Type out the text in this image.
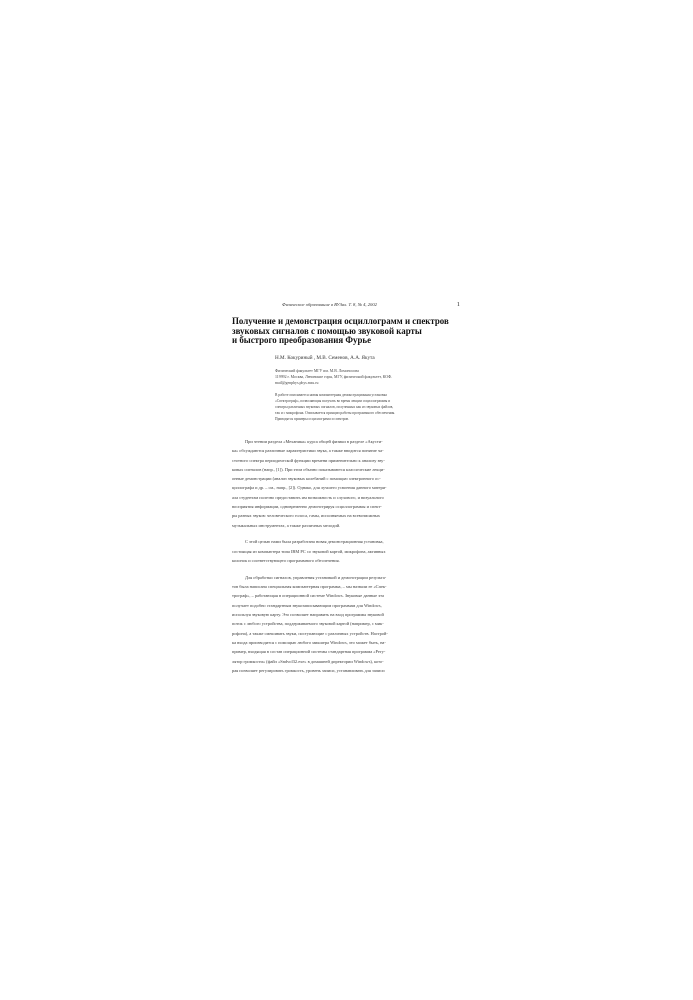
Физическое образование в ВУЗах. Т. 8, № 4, 2002	1
Получение и демонстрация осциллограмм и спектров
звуковых сигналов с помощью звуковой карты
и быстрого преобразования Фурье
Н.М. Кокуриный , М.В. Семенов, А.А. Якута
Физический факультет МГУ им. М.В. Ломоносова
119992 г. Москва, Ленинские горы, МГУ, физический факультет, КОФ.
mail@genphys.phys.msu.ru
В работе описывается новая компьютерная демонстрационная установка
«Спектрограф», позволяющая получать во время лекции осциллограммы и
спектры различных звуковых сигналов, полученных как из звуковых файлов,
так и с микрофона. Описывается принцип работы программного обеспечения.
Приводятся примеры осциллограмм и спектров.

При чтении раздела «Механика» курса общей физики в разделе «Акусти-
ка» обсуждаются различные характеристики звука, а также вводится понятие ча-
стотного спектра периодической функции времени применительно к анализу зву-
ковых сигналов (напр., [1]). При этом обычно показываются классические лекци-
онные демонстрации (анализ звуковых колебаний с помощью электронного ос-
циллографа и др. – см., напр., [2]). Однако, для лучшего усвоения данного матери-
ала студентам полезно предоставить им возможность и слухового, и визуального
восприятия информации, одновременно демонстрируя осциллограммы и спект-
ры разных звуков: человеческого голоса, гамы, исполняемых на всевозможных
музыкальных инструментах, а также различных мелодий.

С этой целью нами была разработана новая демонстрационная установка,
состоящая из компьютера типа IBM PC со звуковой картой, микрофона, активных
колонок и соответствующего программного обеспечения.

Для обработки сигналов, управления установкой и демонстрации результа-
тов была написана специальная компьютерная программа, – мы назвали ее «Спек-
трограф», – работающая в операционной системе Windows. Звуковые данные эта
получает подобно стандартным звукозаписывающим программам для Windows,
используя звуковую карту. Это позволяет направить на вход программы звуковой
поток с любого устройства, поддерживаемого звуковой картой (например, с мик-
рофона), а также смешивать звуки, поступающие с различных устройств. Настрой-
ка входа производится с помощью любого микшера Windows, это может быть, на-
пример, входящая в состав операционной системы стандартная программа «Регу-
лятор громкости» (файл «Sndvol32.exe» в домашней директории Windows), кото-
рая позволяет регулировать громкость, уровень записи, устанавливать для записи
